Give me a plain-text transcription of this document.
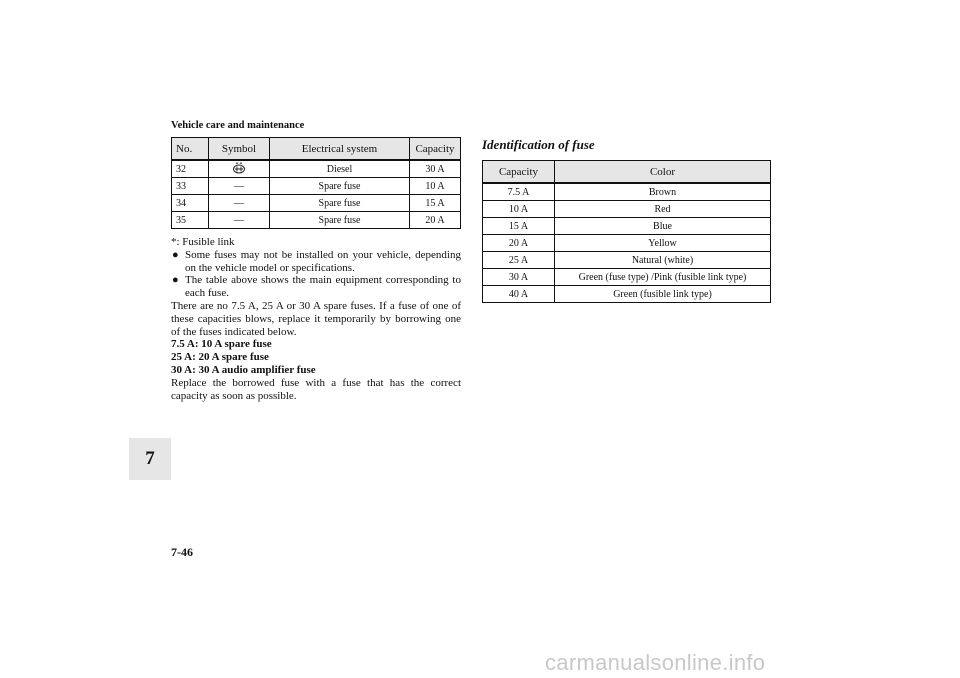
7
7-46
Vehicle care and maintenance
No.	Symbol	Electrical system	Capacity
32		Diesel	30 A
33	—	Spare fuse	10 A
34	—	Spare fuse	15 A
35	—	Spare fuse	20 A

*: Fusible link

● Some fuses may not be installed on your vehicle, depending on the vehicle model or specifications.

● The table above shows the main equipment corresponding to each fuse.

There are no 7.5 A, 25 A or 30 A spare fuses. If a fuse of one of these capacities blows, replace it temporarily by borrowing one of the fuses indicated below.

7.5 A: 10 A spare fuse

25 A: 20 A spare fuse

30 A: 30 A audio amplifier fuse

Replace the borrowed fuse with a fuse that has the correct capacity as soon as possible.

Identification of fuse
Capacity	Color
7.5 A	Brown
10 A	Red
15 A	Blue
20 A	Yellow
25 A	Natural (white)
30 A	Green (fuse type) /Pink (fusible link type)
40 A	Green (fusible link type)
carmanualsonline.info
